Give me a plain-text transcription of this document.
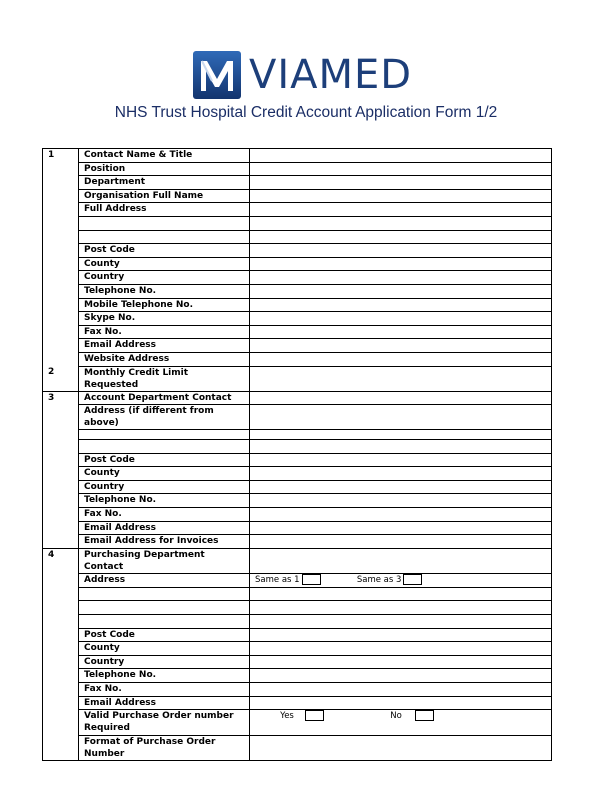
VIAMED
NHS Trust Hospital Credit Account Application Form 1/2
1	Contact Name & Title	
	Position	
	Department	
	Organisation Full Name	
	Full Address	

	Post Code	
	County	
	Country	
	Telephone No.	
	Mobile Telephone No.	
	Skype No.	
	Fax No.	
	Email Address	
	Website Address	
2	Monthly Credit Limit Requested	
3	Account Department Contact	
	Address (if different from above)	

	Post Code	
	County	
	Country	
	Telephone No.	
	Fax No.	
	Email Address	
	Email Address for Invoices	
4	Purchasing Department Contact	
	Address	Same as 1 Same as 3

	Post Code	
	County	
	Country	
	Telephone No.	
	Fax No.	
	Email Address	
	Valid Purchase Order number Required	Yes No
	Format of Purchase Order Number	
